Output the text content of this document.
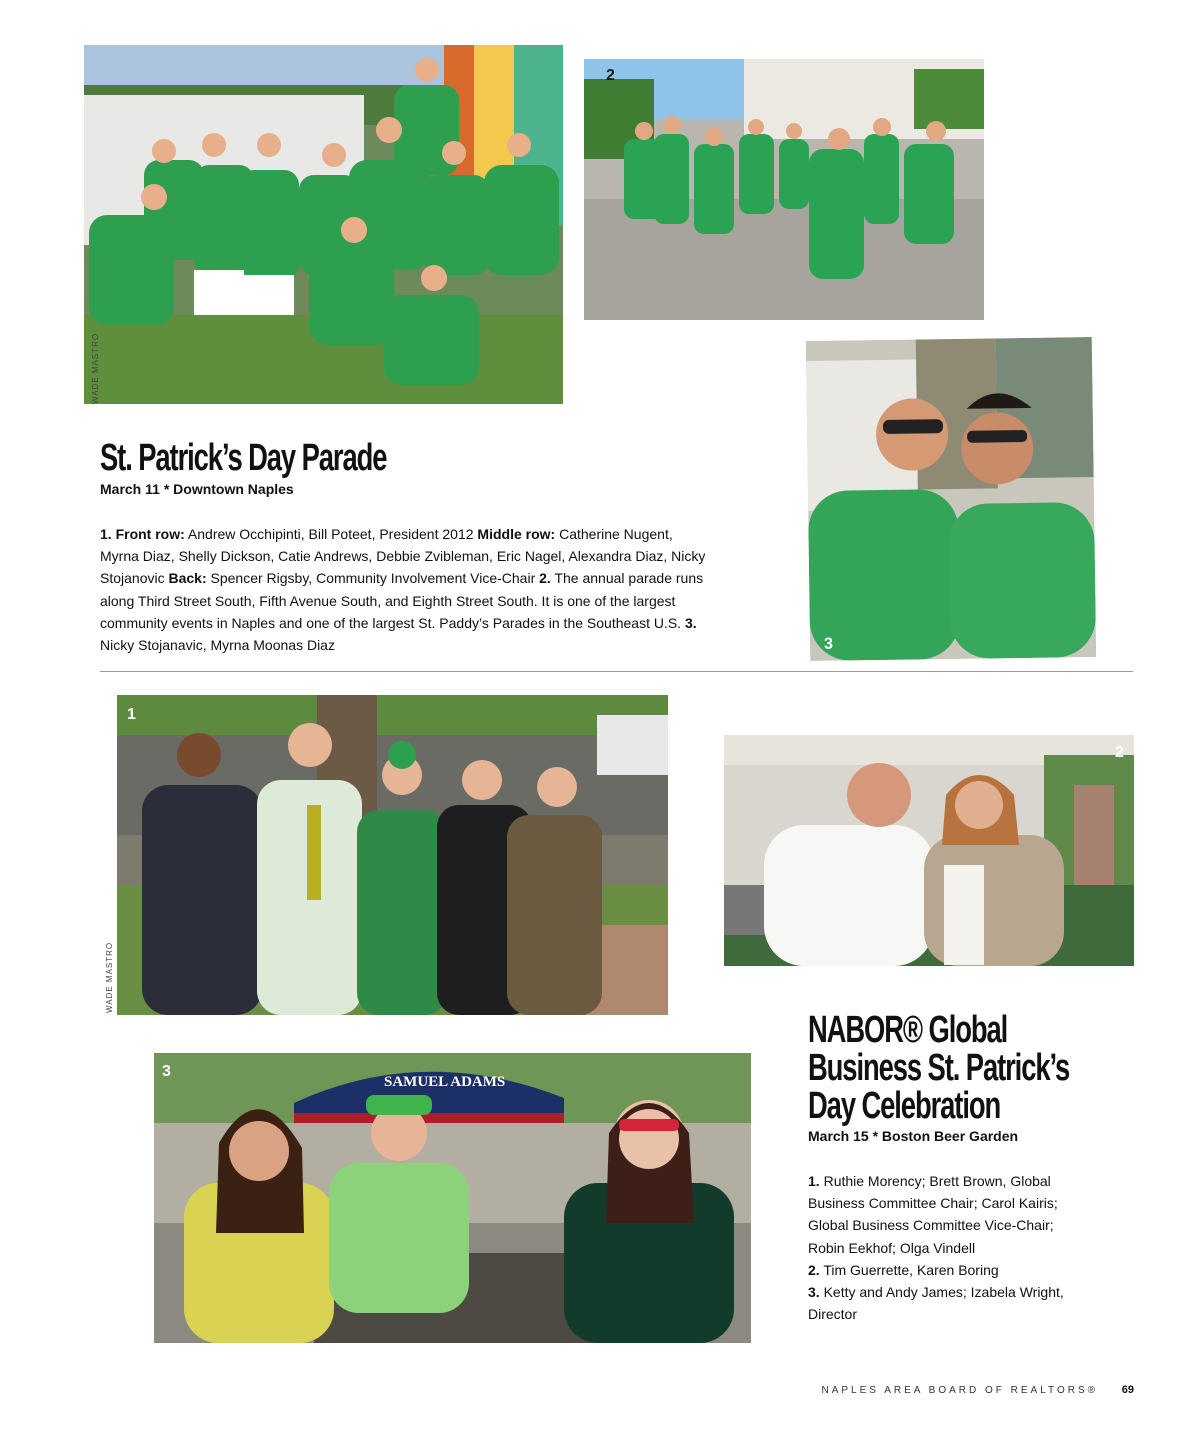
WADE MASTRO
2
3
St. Patrick’s Day Parade
March 11 * Downtown Naples
1. Front row: Andrew Occhipinti, Bill Poteet, President 2012 Middle row: Catherine Nugent, Myrna Diaz, Shelly Dickson, Catie Andrews, Debbie Zvibleman, Eric Nagel, Alexandra Diaz, Nicky Stojanovic Back: Spencer Rigsby, Community Involvement Vice-Chair 2. The annual parade runs along Third Street South, Fifth Avenue South, and Eighth Street South. It is one of the largest community events in Naples and one of the largest St. Paddy’s Parades in the Southeast U.S. 3. Nicky Stojanavic, Myrna Moonas Diaz
1
WADE MASTRO
2
SAMUEL ADAMS
3
NABOR® Global
Business St. Patrick’s
Day Celebration
March 15 * Boston Beer Garden
1. Ruthie Morency; Brett Brown, Global Business Committee Chair; Carol Kairis; Global Business Committee Vice-Chair; Robin Eekhof; Olga Vindell
2. Tim Guerrette, Karen Boring
3. Ketty and Andy James; Izabela Wright, Director
NAPLES AREA BOARD OF REALTORS® 69
